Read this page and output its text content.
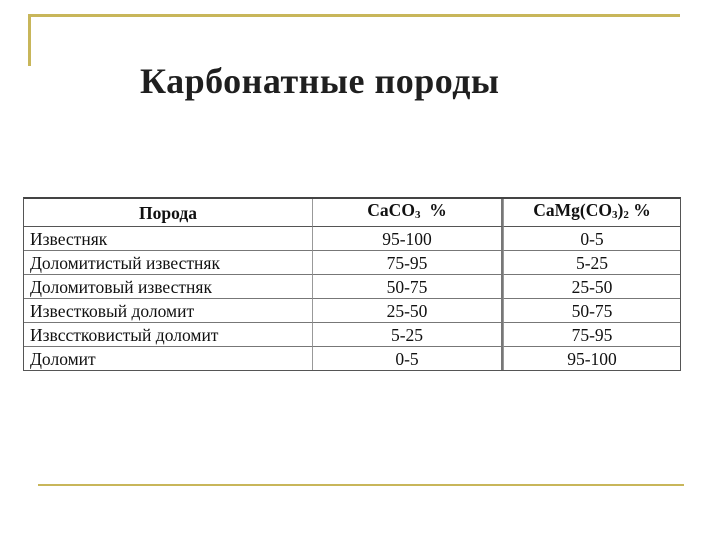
Карбонатные породы
Порода	CaCO$_3$  %	$CaMg(CO_3)_2$ %
Известняк	95-100	0-5
Доломитистый известняк	75-95	5-25
Доломитовый известняк	50-75	25-50
Известковый доломит	25-50	50-75
Извсстковистый доломит	5-25	75-95
Доломит	0-5	95-100
